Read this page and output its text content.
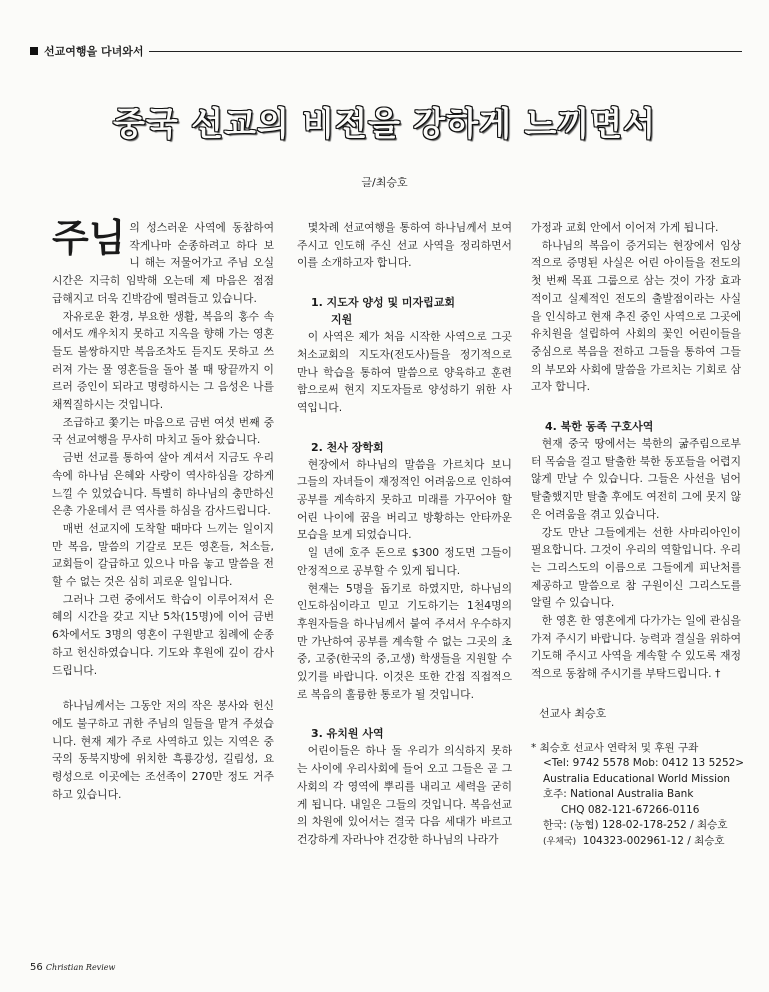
선교여행을 다녀와서
중국 선교의 비전을 강하게 느끼면서
글/최승호

주님 의 성스러운 사역에 동참하여 작게나마 순종하려고 하다 보니 해는 저물어가고 주님 오실 시간은 지극히 임박해 오는데 제 마음은 점점 급해지고 더욱 긴박감에 떨려들고 있습니다.

자유로운 환경, 부요한 생활, 복음의 홍수 속에서도 깨우치지 못하고 지옥을 향해 가는 영혼들도 불쌍하지만 복음조차도 듣지도 못하고 쓰러져 가는 물 영혼들을 돌아 볼 때 땅끝까지 이르러 증인이 되라고 명령하시는 그 음성은 나를 채찍질하시는 것입니다.

조급하고 쫓기는 마음으로 금번 여섯 번째 중국 선교여행을 무사히 마치고 돌아 왔습니다.

금번 선교를 통하여 살아 계셔서 지금도 우리 속에 하나님 은혜와 사랑이 역사하심을 강하게 느낄 수 있었습니다. 특별히 하나님의 충만하신 은총 가운데서 큰 역사를 하심을 감사드립니다.

매번 선교지에 도착할 때마다 느끼는 일이지만 복음, 말씀의 기갈로 모든 영혼들, 처소들, 교회들이 갈급하고 있으나 마음 놓고 말씀을 전할 수 없는 것은 심히 괴로운 일입니다.

그러나 그런 중에서도 학습이 이루어져서 은혜의 시간을 갖고 지난 5차(15명)에 이어 금번 6차에서도 3명의 영혼이 구원받고 침례에 순종하고 헌신하였습니다. 기도와 후원에 깊이 감사드립니다.

하나님께서는 그동안 저의 작은 봉사와 헌신에도 불구하고 귀한 주님의 일들을 맡겨 주셨습니다. 현재 제가 주로 사역하고 있는 지역은 중국의 동북지방에 위치한 흑룡강성, 길림성, 요령성으로 이곳에는 조선족이 270만 정도 거주하고 있습니다.

몇차례 선교여행을 통하여 하나님께서 보여주시고 인도해 주신 선교 사역을 정리하면서 이를 소개하고자 합니다.

1. 지도자 양성 및 미자립교회
지원

이 사역은 제가 처음 시작한 사역으로 그곳 처소교회의 지도자(전도사)들을 정기적으로 만나 학습을 통하여 말씀으로 양육하고 훈련함으로써 현지 지도자들로 양성하기 위한 사역입니다.

2. 천사 장학회

현장에서 하나님의 말씀을 가르치다 보니 그들의 자녀들이 재정적인 어려움으로 인하여 공부를 계속하지 못하고 미래를 가꾸어야 할 어린 나이에 꿈을 버리고 방황하는 안타까운 모습을 보게 되었습니다.

일 년에 호주 돈으로 $300 정도면 그들이 안정적으로 공부할 수 있게 됩니다.

현재는 5명을 돕기로 하였지만, 하나님의 인도하심이라고 믿고 기도하기는 1천4명의 후원자들을 하나님께서 붙여 주셔서 우수하지만 가난하여 공부를 계속할 수 없는 그곳의 초중, 고중(한국의 중,고생) 학생들을 지원할 수 있기를 바랍니다. 이것은 또한 간접 직접적으로 복음의 훌륭한 통로가 될 것입니다.

3. 유치원 사역

어린이들은 하나 둘 우리가 의식하지 못하는 사이에 우리사회에 들어 오고 그들은 곧 그 사회의 각 영역에 뿌리를 내리고 세력을 굳히게 됩니다. 내일은 그들의 것입니다. 복음선교의 차원에 있어서는 결국 다음 세대가 바르고 건강하게 자라나야 건강한 하나님의 나라가

가정과 교회 안에서 이어져 가게 됩니다.

하나님의 복음이 증거되는 현장에서 임상적으로 증명된 사실은 어린 아이들을 전도의 첫 번째 목표 그룹으로 삼는 것이 가장 효과적이고 실제적인 전도의 출발점이라는 사실을 인식하고 현재 추진 중인 사역으로 그곳에 유치원을 설립하여 사회의 꽃인 어린이들을 중심으로 복음을 전하고 그들을 통하여 그들의 부모와 사회에 말씀을 가르치는 기회로 삼고자 합니다.

4. 북한 동족 구호사역

현재 중국 땅에서는 북한의 굶주림으로부터 목숨을 걸고 탈출한 북한 동포들을 어렵지 않게 만날 수 있습니다. 그들은 사선을 넘어 탈출했지만 탈출 후에도 여전히 그에 못지 않은 어려움을 겪고 있습니다.

강도 만난 그들에게는 선한 사마리아인이 필요합니다. 그것이 우리의 역할입니다. 우리는 그리스도의 이름으로 그들에게 피난처를 제공하고 말씀으로 참 구원이신 그리스도를 알릴 수 있습니다.

한 영혼 한 영혼에게 다가가는 일에 관심을 가져 주시기 바랍니다. 능력과 결실을 위하여 기도해 주시고 사역을 계속할 수 있도록 재정적으로 동참해 주시기를 부탁드립니다. †

선교사 최승호
* 최승호 선교사 연락처 및 후원 구좌
<Tel: 9742 5578 Mob: 0412 13 5252>
Australia Educational World Mission
호주: National Australia Bank
CHQ 082-121-67266-0116
한국: (농협) 128-02-178-252 / 최승호
(우체국) 104323-002961-12 / 최승호
56 Christian Review
